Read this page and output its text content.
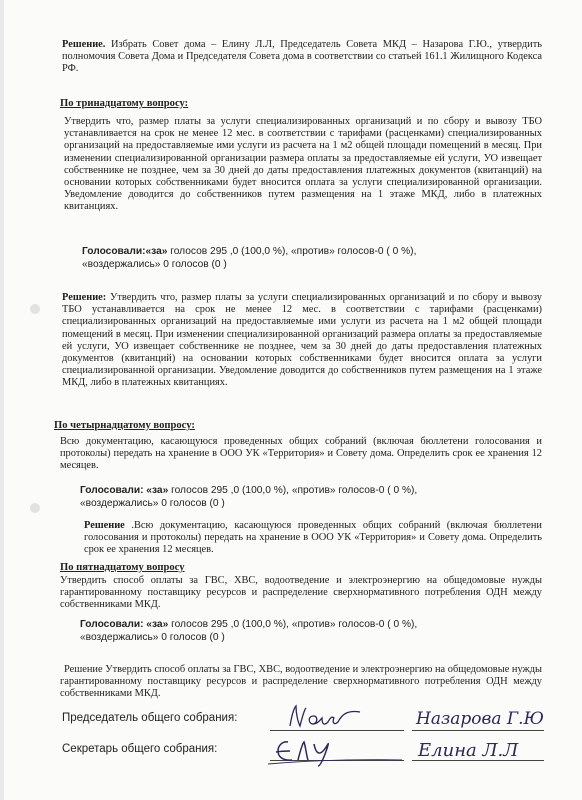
Решение. Избрать Совет дома – Елину Л.Л, Председатель Совета МКД – Назарова Г.Ю., утвердить полномочия Совета Дома и Председателя Совета дома в соответствии со статьей 161.1 Жилищного Кодекса РФ.
По тринадцатому вопросу:
Утвердить что, размер платы за услуги специализированных организаций и по сбору и вывозу ТБО устанавливается на срок не менее 12 мес. в соответствии с тарифами (расценками) специализированных организаций на предоставляемые ими услуги из расчета на 1 м2 общей площади помещений в месяц. При изменении специализированной организации размера оплаты за предоставляемые ей услуги, УО извещает собственнике не позднее, чем за 30 дней до даты предоставления платежных документов (квитанций) на основании которых собственниками будет вносится оплата за услуги специализированной организации. Уведомление доводится до собственников путем размещения на 1 этаже МКД, либо в платежных квитанциях.
Голосовали:«за» голосов 295 ,0 (100,0 %), «против» голосов-0 ( 0 %),
«воздержались» 0 голосов (0 )
Решение: Утвердить что, размер платы за услуги специализированных организаций и по сбору и вывозу ТБО устанавливается на срок не менее 12 мес. в соответствии с тарифами (расценками) специализированных организаций на предоставляемые ими услуги из расчета на 1 м2 общей площади помещений в месяц. При изменении специализированной организаций размера оплаты за предоставляемые ей услуги, УО извещает собственнике не позднее, чем за 30 дней до даты предоставления платежных документов (квитанций) на основании которых собственниками будет вносится оплата за услуги специализированной организации. Уведомление доводится до собственников путем размещения на 1 этаже МКД, либо в платежных квитанциях.
По четырнадцатому вопросу:
Всю документацию, касающуюся проведенных общих собраний (включая бюллетени голосования и протоколы) передать на хранение в ООО УК «Территория» и Совету дома. Определить срок ее хранения 12 месяцев.
Голосовали: «за» голосов 295 ,0 (100,0 %), «против» голосов-0 ( 0 %),
«воздержались» 0 голосов (0 )
Решение .Всю документацию, касающуюся проведенных общих собраний (включая бюллетени голосования и протоколы) передать на хранение в ООО УК «Территория» и Совету дома. Определить срок ее хранения 12 месяцев.
По пятнадцатому вопросу
Утвердить способ оплаты за ГВС, ХВС, водоотведение и электроэнергию на общедомовые нужды гарантированному поставщику ресурсов и распределение сверхнормативного потребления ОДН между собственниками МКД.
Голосовали: «за» голосов 295 ,0 (100,0 %), «против» голосов-0 ( 0 %),
«воздержались» 0 голосов (0 )
Решение Утвердить способ оплаты за ГВС, ХВС, водоотведение и электроэнергию на общедомовые нужды гарантированному поставщику ресурсов и распределение сверхнормативного потребления ОДН между собственниками МКД.
Председатель общего собрания:	Назарова Г.Ю
Секретарь общего собрания:	Елина Л.Л
